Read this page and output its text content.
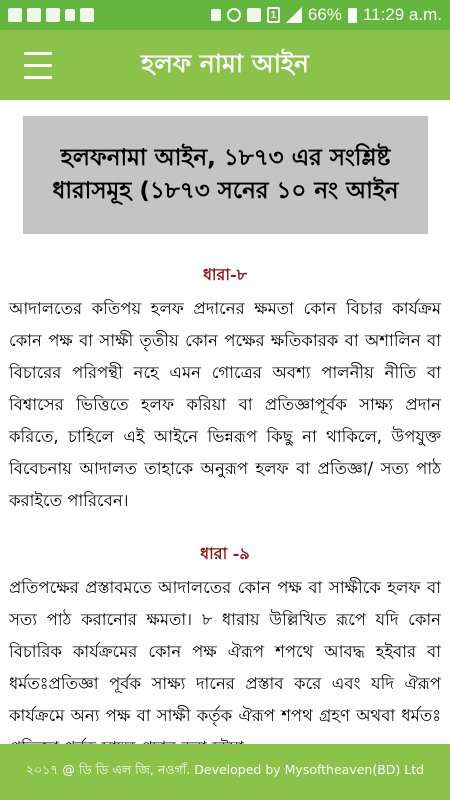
1 66% 11:29 a.m.
হলফ নামা আইন
হলফনামা আইন, ১৮৭৩ এর সংশ্লিষ্ট ধারাসমূহ (১৮৭৩ সনের ১০ নং আইন
ধারা-৮
আদালতের কতিপয় হলফ প্রদানের ক্ষমতা কোন বিচার কার্যক্রম কোন পক্ষ বা সাক্ষী তৃতীয় কোন পক্ষের ক্ষতিকারক বা অশালিন বা বিচারের পরিপন্থী নহে এমন গোত্রের অবশ্য পালনীয় নীতি বা বিশ্বাসের ভিত্তিতে হলফ করিয়া বা প্রতিজ্ঞাপূর্বক সাক্ষ্য প্রদান করিতে, চাহিলে এই আইনে ভিন্নরূপ কিছু না থাকিলে, উপযুক্ত বিবেচনায় আদালত তাহাকে অনুরূপ হলফ বা প্রতিজ্ঞা/ সত্য পাঠ করাইতে পারিবেন।
ধারা -৯
প্রতিপক্ষের প্রস্তাবমতে আদালতের কোন পক্ষ বা সাক্ষীকে হলফ বা সত্য পাঠ করানোর ক্ষমতা। ৮ ধারায় উল্লিখিত রূপে যদি কোন বিচারিক কার্যক্রমের কোন পক্ষ ঐরূপ শপথে আবদ্ধ হইবার বা ধর্মতঃপ্রতিজ্ঞা পূর্বক সাক্ষ্য দানের প্রস্তাব করে এবং যদি ঐরূপ কার্যক্রমে অন্য পক্ষ বা সাক্ষী কর্তৃক ঐরূপ শপথ গ্রহণ অথবা ধর্মতঃ
২০১৭ @ ডি ডি এল জি, নওগাঁ. Developed by Mysoftheaven(BD) Ltd
